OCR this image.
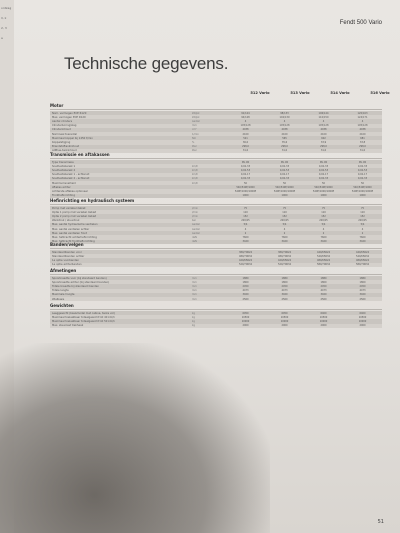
ontzag
ll, k
2, 3
a
Fendt 500 Vario
Technische gegevens.
512 Vario	513 Vario	514 Vario	516 Vario
Motor
Nom. vermogen ECE R120	kW/pk	91/124	98/133	106/144	120/163
Max. vermogen ECE R120	kW/pk	94/128	102/139	110/150	124/171
Aantal cilinders	Aantal	4	4	4	4
Cilinderboring/slag	mm	105/128	105/128	105/128	105/128
Cilinderinhoud	cm³	4038	4038	4038	4038
Nominaal toerental	1/min	2100	2100	2100	2100
Maximaal koppel bij 1450 t/min	Nm	521	565	602	681
Koppelstijging	%	36,0	35,6	33,9	33,8
Brandstoftankinhoud	liter	298,0	298,0	298,0	298,0
AdBlue-tankinhoud	liter	31,0	31,0	31,0	31,0
Transmissie en aftakassen
Type transmissie	ML 90	ML 90	ML 90	ML 90
Snelheidsbereik 1	km/h	0,02-33	0,02-33	0,02-33	0,02-33
Snelheidsbereik 2	km/h	0,02-53	0,02-53	0,02-53	0,02-53
Snelheidsbereik 1 - achteruit	km/h	0,02-17	0,02-17	0,02-17	0,02-17
Snelheidsbereik 2 - achteruit	km/h	0,02-33	0,02-33	0,02-33	0,02-33
Maximumsnelheid	km/h	50	50	50	50
Aftakas achter	540/540E/1000	540/540E/1000	540/540E/1000	540/540E/1000
Achterste aftakas optioneel	540E/1000/1000E	540E/1000/1000E	540E/1000/1000E	540E/1000/1000E
Fronthefinrichting	1000	1000	1000	1000
Hefinrichting en hydraulisch systeem
Pomp met variabel debiet	l/min	75	75	75	75
Optie 1 pomp met variabel debiet	l/min	110	110	110	110
Optie 2 pomp met variabel debiet	l/min	152	152	152	152
Werkdruk / stuurdruk	bar	200/25	200/25	200/25	200/25
Max. aantal hydraulische ventielen	Aantal	5/4	5/4	5/4	5/4
Max. aantal ventielen achter	Aantal	4	4	4	4
Max. aantal ventielen front	Aantal	2	2	2	2
Max. hefkracht achterhefinrichting	daN	7600	7600	7600	7600
Max. hefkracht fronthefinrichting	daN	3420	3420	3420	3420
Banden/velgen
Standaardbanden voor	380/70R24	380/70R24	440/65R24	440/65R24
Standaardbanden achter	480/70R34	480/70R34	540/65R34	540/65R34
1e optie voorbanden	420/65R24	420/65R24	480/65R24	480/65R24
1e optie achterbanden	520/70R34	520/70R34	580/70R34	580/70R34
Afmetingen
Spoorbreedte voor (bij standaard banden)	mm	1880	1880	1880	1880
Spoorbreedte achter (bij standaard banden)	mm	1800	1800	1800	1800
Totale breedte bij standaard banden	mm	2450	2450	2450	2450
Totale lengte	mm	4473	4473	4473	4473
Maximale hoogte	mm	3020	3020	3020	3020
Wielbasis	mm	2560	2560	2560	2560
Gewichten
Leeggewicht (basismodel met cabine, tanks vol)	kg	6050	6050	6400	6400
Maximaal toelaatbaar totaalgewicht tot 40 km/h	kg	10500	10500	10500	10500
Maximaal toelaatbaar totaalgewicht tot 50 km/h	kg	10000	10000	10000	10000
Max. steunlast trekhaak	kg	2000	2000	2000	2000
51
